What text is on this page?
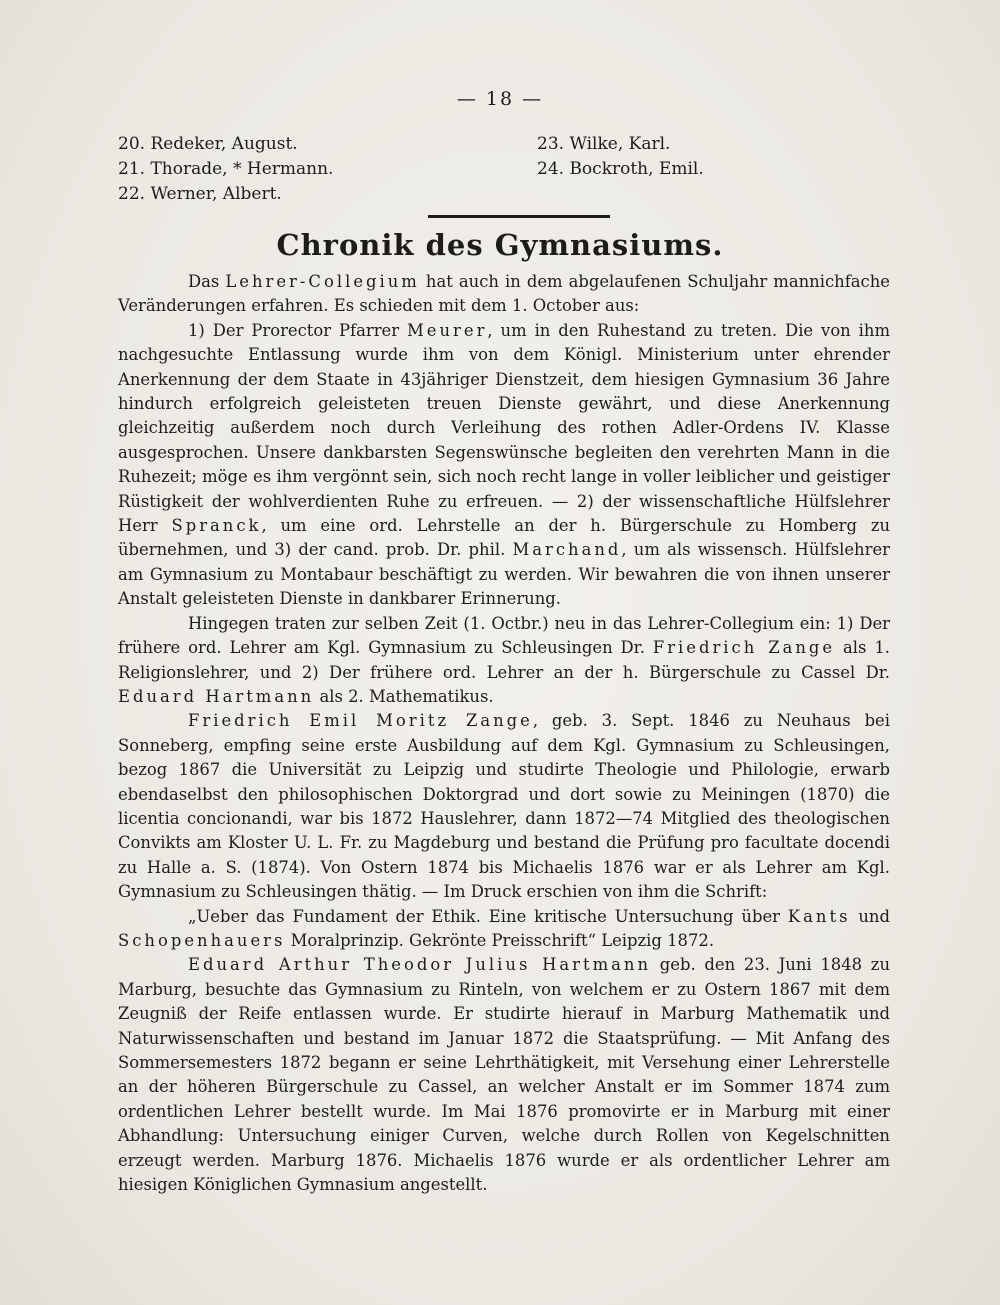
— 18 —
20. Redeker, August.
21. Thorade, * Hermann.
22. Werner, Albert.
23. Wilke, Karl.
24. Bockroth, Emil.
Chronik des Gymnasiums.

Das Lehrer-Collegium hat auch in dem abgelaufenen Schuljahr mannichfache Veränderungen erfahren. Es schieden mit dem 1. October aus:

1) Der Prorector Pfarrer Meurer, um in den Ruhestand zu treten. Die von ihm nachgesuchte Entlassung wurde ihm von dem Königl. Ministerium unter ehrender Anerkennung der dem Staate in 43jähriger Dienstzeit, dem hiesigen Gymnasium 36 Jahre hindurch erfolgreich geleisteten treuen Dienste gewährt, und diese Anerkennung gleichzeitig außerdem noch durch Verleihung des rothen Adler-Ordens IV. Klasse ausgesprochen. Unsere dankbarsten Segenswünsche begleiten den verehrten Mann in die Ruhezeit; möge es ihm vergönnt sein, sich noch recht lange in voller leiblicher und geistiger Rüstigkeit der wohlverdienten Ruhe zu erfreuen. — 2) der wissenschaftliche Hülfslehrer Herr Spranck, um eine ord. Lehrstelle an der h. Bürgerschule zu Homberg zu übernehmen, und 3) der cand. prob. Dr. phil. Marchand, um als wissensch. Hülfslehrer am Gymnasium zu Montabaur beschäftigt zu werden. Wir bewahren die von ihnen unserer Anstalt geleisteten Dienste in dankbarer Erinnerung.

Hingegen traten zur selben Zeit (1. Octbr.) neu in das Lehrer-Collegium ein: 1) Der frühere ord. Lehrer am Kgl. Gymnasium zu Schleusingen Dr. Friedrich Zange als 1. Religionslehrer, und 2) Der frühere ord. Lehrer an der h. Bürgerschule zu Cassel Dr. Eduard Hartmann als 2. Mathematikus.

Friedrich Emil Moritz Zange, geb. 3. Sept. 1846 zu Neuhaus bei Sonneberg, empfing seine erste Ausbildung auf dem Kgl. Gymnasium zu Schleusingen, bezog 1867 die Universität zu Leipzig und studirte Theologie und Philologie, erwarb ebendaselbst den philosophischen Doktorgrad und dort sowie zu Meiningen (1870) die licentia concionandi, war bis 1872 Hauslehrer, dann 1872—74 Mitglied des theologischen Convikts am Kloster U. L. Fr. zu Magdeburg und bestand die Prüfung pro facultate docendi zu Halle a. S. (1874). Von Ostern 1874 bis Michaelis 1876 war er als Lehrer am Kgl. Gymnasium zu Schleusingen thätig. — Im Druck erschien von ihm die Schrift:

„Ueber das Fundament der Ethik. Eine kritische Untersuchung über Kants und Schopenhauers Moralprinzip. Gekrönte Preisschrift“ Leipzig 1872.

Eduard Arthur Theodor Julius Hartmann geb. den 23. Juni 1848 zu Marburg, besuchte das Gymnasium zu Rinteln, von welchem er zu Ostern 1867 mit dem Zeugniß der Reife entlassen wurde. Er studirte hierauf in Marburg Mathematik und Naturwissenschaften und bestand im Januar 1872 die Staatsprüfung. — Mit Anfang des Sommersemesters 1872 begann er seine Lehrthätigkeit, mit Versehung einer Lehrerstelle an der höheren Bürgerschule zu Cassel, an welcher Anstalt er im Sommer 1874 zum ordentlichen Lehrer bestellt wurde. Im Mai 1876 promovirte er in Marburg mit einer Abhandlung: Untersuchung einiger Curven, welche durch Rollen von Kegelschnitten erzeugt werden. Marburg 1876. Michaelis 1876 wurde er als ordentlicher Lehrer am hiesigen Königlichen Gymnasium angestellt.
